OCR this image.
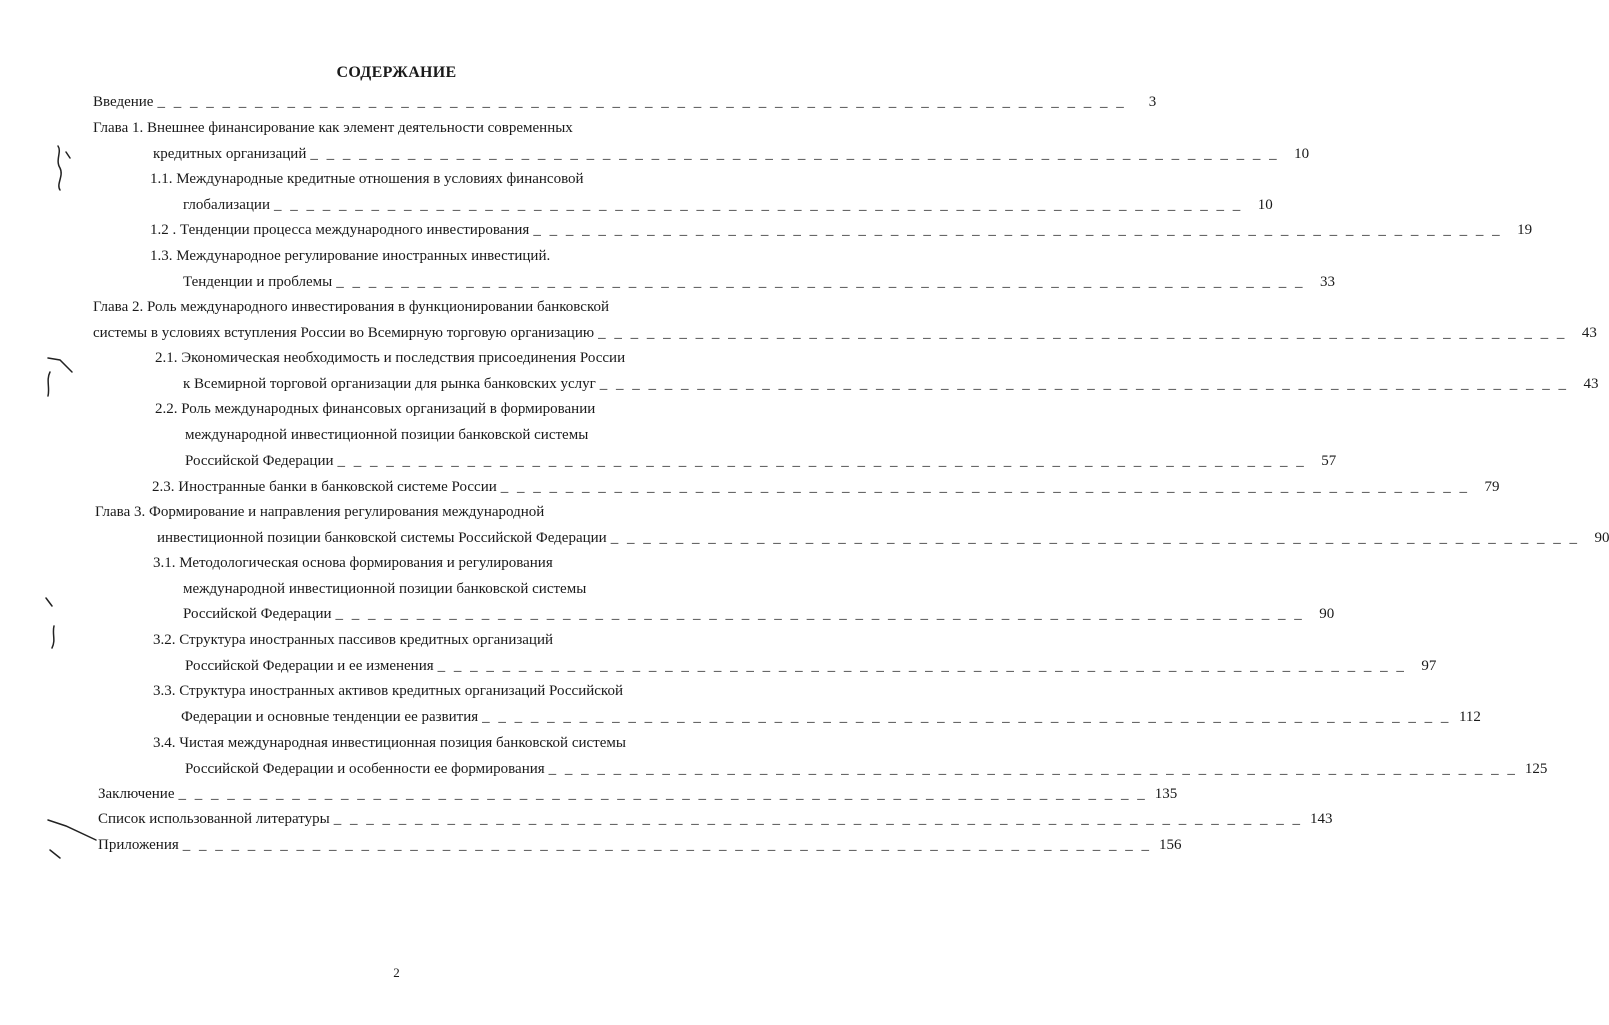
СОДЕРЖАНИЕ
Введение _ _ _ _ _ _ _ _ _ _ _ _ _ _ _ _ _ _ _ _ _ _ _ _ _ _ _ _ _ _ _ _ _ _ _ _ _ _ _ _ _ _ _ _ _ _ _ _ _ _ _ _ _ _ _ _ _ _ _ _	3
Глава 1. Внешнее финансирование как элемент деятельности современных
кредитных организаций _ _ _ _ _ _ _ _ _ _ _ _ _ _ _ _ _ _ _ _ _ _ _ _ _ _ _ _ _ _ _ _ _ _ _ _ _ _ _ _ _ _ _ _ _ _ _ _ _ _ _ _ _ _ _ _ _ _ _ _	10
1.1. Международные кредитные отношения в условиях финансовой
глобализации _ _ _ _ _ _ _ _ _ _ _ _ _ _ _ _ _ _ _ _ _ _ _ _ _ _ _ _ _ _ _ _ _ _ _ _ _ _ _ _ _ _ _ _ _ _ _ _ _ _ _ _ _ _ _ _ _ _ _ _	10
1.2 . Тенденции процесса международного инвестирования _ _ _ _ _ _ _ _ _ _ _ _ _ _ _ _ _ _ _ _ _ _ _ _ _ _ _ _ _ _ _ _ _ _ _ _ _ _ _ _ _ _ _ _ _ _ _ _ _ _ _ _ _ _ _ _ _ _ _ _	19
1.3. Международное регулирование иностранных инвестиций.
Тенденции и проблемы _ _ _ _ _ _ _ _ _ _ _ _ _ _ _ _ _ _ _ _ _ _ _ _ _ _ _ _ _ _ _ _ _ _ _ _ _ _ _ _ _ _ _ _ _ _ _ _ _ _ _ _ _ _ _ _ _ _ _ _	33
Глава 2. Роль международного инвестирования в функционировании банковской
системы в условиях вступления России во Всемирную торговую организацию _ _ _ _ _ _ _ _ _ _ _ _ _ _ _ _ _ _ _ _ _ _ _ _ _ _ _ _ _ _ _ _ _ _ _ _ _ _ _ _ _ _ _ _ _ _ _ _ _ _ _ _ _ _ _ _ _ _ _ _	43
2.1. Экономическая необходимость и последствия присоединения России
к Всемирной торговой организации для рынка банковских услуг _ _ _ _ _ _ _ _ _ _ _ _ _ _ _ _ _ _ _ _ _ _ _ _ _ _ _ _ _ _ _ _ _ _ _ _ _ _ _ _ _ _ _ _ _ _ _ _ _ _ _ _ _ _ _ _ _ _ _ _	43
2.2. Роль международных финансовых организаций в формировании
международной инвестиционной позиции банковской системы
Российской Федерации _ _ _ _ _ _ _ _ _ _ _ _ _ _ _ _ _ _ _ _ _ _ _ _ _ _ _ _ _ _ _ _ _ _ _ _ _ _ _ _ _ _ _ _ _ _ _ _ _ _ _ _ _ _ _ _ _ _ _ _	57
2.3. Иностранные банки в банковской системе России _ _ _ _ _ _ _ _ _ _ _ _ _ _ _ _ _ _ _ _ _ _ _ _ _ _ _ _ _ _ _ _ _ _ _ _ _ _ _ _ _ _ _ _ _ _ _ _ _ _ _ _ _ _ _ _ _ _ _ _	79
Глава 3. Формирование и направления регулирования международной
инвестиционной позиции банковской системы Российской Федерации _ _ _ _ _ _ _ _ _ _ _ _ _ _ _ _ _ _ _ _ _ _ _ _ _ _ _ _ _ _ _ _ _ _ _ _ _ _ _ _ _ _ _ _ _ _ _ _ _ _ _ _ _ _ _ _ _ _ _ _	90
3.1. Методологическая основа формирования и регулирования
международной инвестиционной позиции банковской системы
Российской Федерации _ _ _ _ _ _ _ _ _ _ _ _ _ _ _ _ _ _ _ _ _ _ _ _ _ _ _ _ _ _ _ _ _ _ _ _ _ _ _ _ _ _ _ _ _ _ _ _ _ _ _ _ _ _ _ _ _ _ _ _	90
3.2. Структура иностранных пассивов кредитных организаций
Российской Федерации и ее изменения _ _ _ _ _ _ _ _ _ _ _ _ _ _ _ _ _ _ _ _ _ _ _ _ _ _ _ _ _ _ _ _ _ _ _ _ _ _ _ _ _ _ _ _ _ _ _ _ _ _ _ _ _ _ _ _ _ _ _ _	97
3.3. Структура иностранных активов кредитных организаций Российской
Федерации и основные тенденции ее развития _ _ _ _ _ _ _ _ _ _ _ _ _ _ _ _ _ _ _ _ _ _ _ _ _ _ _ _ _ _ _ _ _ _ _ _ _ _ _ _ _ _ _ _ _ _ _ _ _ _ _ _ _ _ _ _ _ _ _ _ 112
3.4. Чистая международная инвестиционная позиция банковской системы
Российской Федерации и особенности ее формирования _ _ _ _ _ _ _ _ _ _ _ _ _ _ _ _ _ _ _ _ _ _ _ _ _ _ _ _ _ _ _ _ _ _ _ _ _ _ _ _ _ _ _ _ _ _ _ _ _ _ _ _ _ _ _ _ _ _ _ _ 125
Заключение _ _ _ _ _ _ _ _ _ _ _ _ _ _ _ _ _ _ _ _ _ _ _ _ _ _ _ _ _ _ _ _ _ _ _ _ _ _ _ _ _ _ _ _ _ _ _ _ _ _ _ _ _ _ _ _ _ _ _ _ 135
Список использованной литературы _ _ _ _ _ _ _ _ _ _ _ _ _ _ _ _ _ _ _ _ _ _ _ _ _ _ _ _ _ _ _ _ _ _ _ _ _ _ _ _ _ _ _ _ _ _ _ _ _ _ _ _ _ _ _ _ _ _ _ _ 143
Приложения _ _ _ _ _ _ _ _ _ _ _ _ _ _ _ _ _ _ _ _ _ _ _ _ _ _ _ _ _ _ _ _ _ _ _ _ _ _ _ _ _ _ _ _ _ _ _ _ _ _ _ _ _ _ _ _ _ _ _ _ 156
2
